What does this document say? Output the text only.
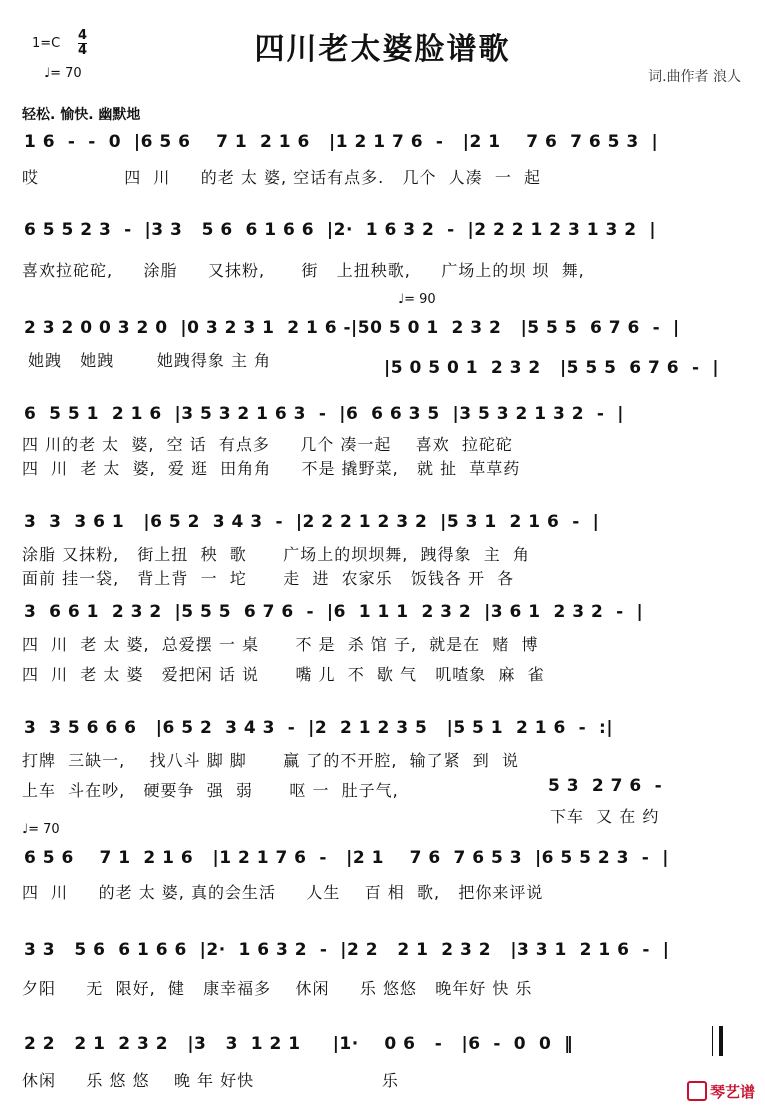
1=C
4
4	四川老太婆脸谱歌
♩= 70	词.曲作者 浪人
轻松. 愉快. 幽默地
1 6  -  -  0  |6 5 6    7 1  2 1 6   |1 2 1 7 6  -   |2 1    7 6  7 6 5 3  |
哎              四  川     的老 太 婆, 空话有点多.   几个  人凑  一  起
6 5 5 2 3  -  |3 3   5 6  6 1 6 6  |2·  1 6 3 2  -  |2 2 2 1 2 3 1 3 2  |
喜欢拉砣砣,     涂脂     又抹粉,      街   上扭秧歌,     广场上的坝 坝  舞,
♩= 90
2 3 2 0 0 3 2 0  |0 3 2 3 1  2 1 6 -|50 5 0 1  2 3 2   |5 5 5  6 7 6  -  |
她跩   她跩       她跩得象 主 角	|5 0 5 0 1  2 3 2   |5 5 5  6 7 6  -  |
6  5 5 1  2 1 6  |3 5 3 2 1 6 3  -  |6  6 6 3 5  |3 5 3 2 1 3 2  -  |
四 川的老 太  婆,  空 话  有点多     几个 凑一起    喜欢  拉砣砣
四  川  老 太  婆,  爱 逛  田角角     不是 撬野菜,   就 扯  草草药
3  3  3 6 1   |6 5 2  3 4 3  -  |2 2 2 1 2 3 2  |5 3 1  2 1 6  -  |
涂脂 又抹粉,   街上扭  秧  歌      广场上的坝坝舞,  跩得象  主  角
面前 挂一袋,   背上背  一  坨      走  进  农家乐   饭钱各 开  各
3  6 6 1  2 3 2  |5 5 5  6 7 6  -  |6  1 1 1  2 3 2  |3 6 1  2 3 2  -  |
四  川  老 太 婆,  总爱摆 一 桌      不 是  杀 馆 子,  就是在  赌  博
四  川  老 太 婆   爱把闲 话 说      嘴 儿  不  歇 气   叽喳象  麻  雀
3  3 5 6 6 6   |6 5 2  3 4 3  -  |2  2 1 2 3 5   |5 5 1  2 1 6  -  :|
打牌  三缺一,    找八斗 脚 脚      赢 了的不开腔,  输了紧  到  说
上车  斗在吵,   硬要争  强  弱      呕 一  肚子气,	5 3  2 7 6  -
下车  又 在 约
♩= 70
6 5 6    7 1  2 1 6   |1 2 1 7 6  -   |2 1    7 6  7 6 5 3  |6 5 5 2 3  -  |
四  川     的老 太 婆, 真的会生活     人生    百 相  歌,   把你来评说
3 3   5 6  6 1 6 6  |2·  1 6 3 2  -  |2 2   2 1  2 3 2   |3 3 1  2 1 6  -  |
夕阳     无  限好,  健   康幸福多    休闲     乐 悠悠   晚年好 快 乐
2 2   2 1  2 3 2   |3   3  1 2 1     |1·    0 6   -   |6  -  0  0  ‖
休闲     乐 悠 悠    晚 年 好快                     乐
琴艺谱
